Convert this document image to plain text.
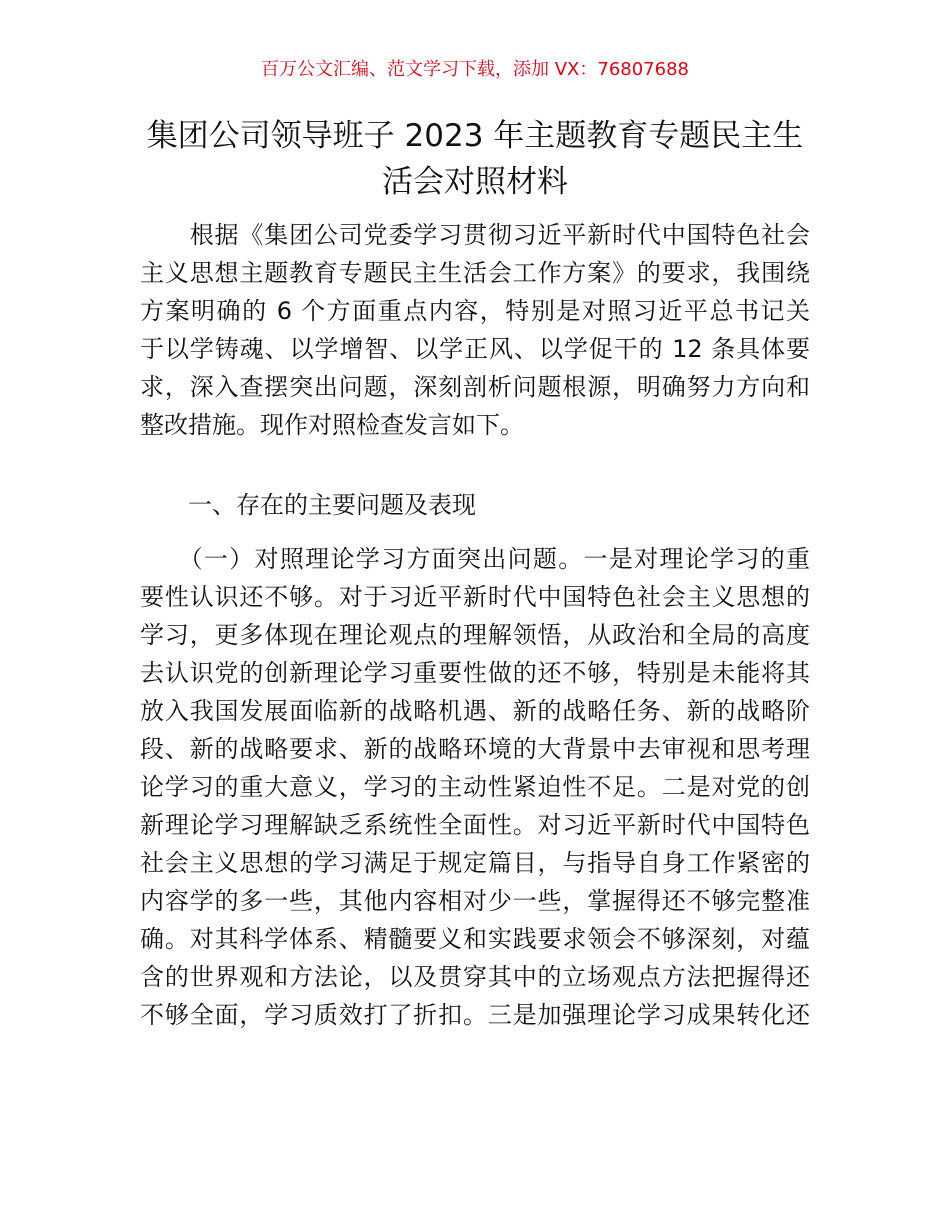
百万公文汇编、范文学习下载，添加 VX：76807688
集团公司领导班子 2023 年主题教育专题民主生
活会对照材料
　　根据《集团公司党委学习贯彻习近平新时代中国特色社会
主义思想主题教育专题民主生活会工作方案》的要求，我围绕
方案明确的 6 个方面重点内容，特别是对照习近平总书记关
于以学铸魂、以学增智、以学正风、以学促干的 12 条具体要
求，深入查摆突出问题，深刻剖析问题根源，明确努力方向和
整改措施。现作对照检查发言如下。
　　一、存在的主要问题及表现
　　（一）对照理论学习方面突出问题。一是对理论学习的重
要性认识还不够。对于习近平新时代中国特色社会主义思想的
学习，更多体现在理论观点的理解领悟，从政治和全局的高度
去认识党的创新理论学习重要性做的还不够，特别是未能将其
放入我国发展面临新的战略机遇、新的战略任务、新的战略阶
段、新的战略要求、新的战略环境的大背景中去审视和思考理
论学习的重大意义，学习的主动性紧迫性不足。二是对党的创
新理论学习理解缺乏系统性全面性。对习近平新时代中国特色
社会主义思想的学习满足于规定篇目，与指导自身工作紧密的
内容学的多一些，其他内容相对少一些，掌握得还不够完整准
确。对其科学体系、精髓要义和实践要求领会不够深刻，对蕴
含的世界观和方法论，以及贯穿其中的立场观点方法把握得还
不够全面，学习质效打了折扣。三是加强理论学习成果转化还
